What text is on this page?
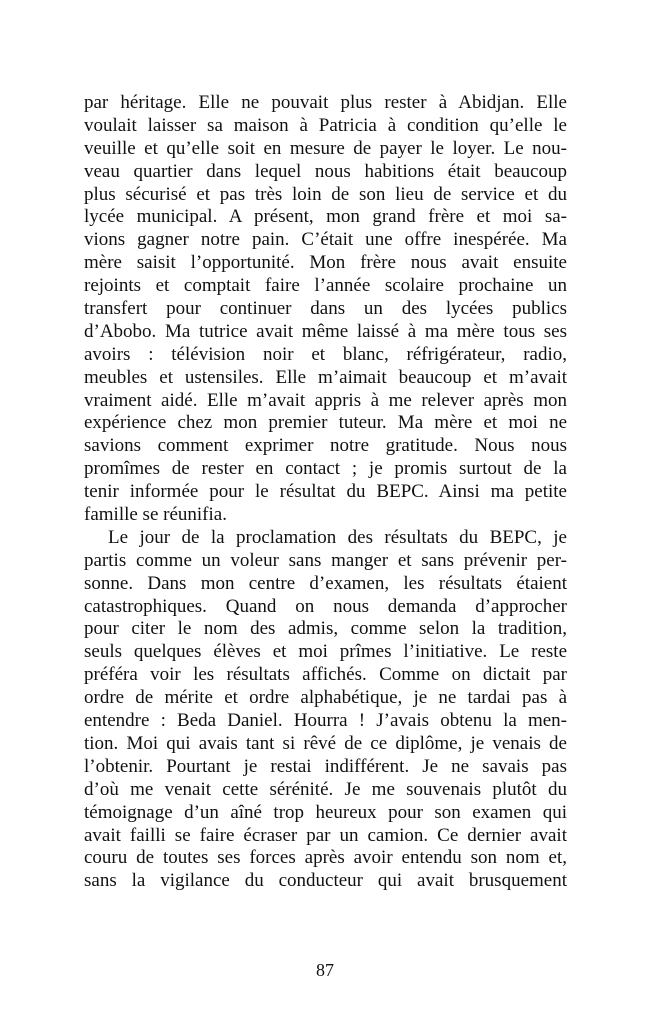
par héritage. Elle ne pouvait plus rester à Abidjan. Elle
voulait laisser sa maison à Patricia à condition qu’elle le
veuille et qu’elle soit en mesure de payer le loyer. Le nou-
veau quartier dans lequel nous habitions était beaucoup
plus sécurisé et pas très loin de son lieu de service et du
lycée municipal. A présent, mon grand frère et moi sa-
vions gagner notre pain. C’était une offre inespérée. Ma
mère saisit l’opportunité. Mon frère nous avait ensuite
rejoints et comptait faire l’année scolaire prochaine un
transfert pour continuer dans un des lycées publics
d’Abobo. Ma tutrice avait même laissé à ma mère tous ses
avoirs : télévision noir et blanc, réfrigérateur, radio,
meubles et ustensiles. Elle m’aimait beaucoup et m’avait
vraiment aidé. Elle m’avait appris à me relever après mon
expérience chez mon premier tuteur. Ma mère et moi ne
savions comment exprimer notre gratitude. Nous nous
promîmes de rester en contact ; je promis surtout de la
tenir informée pour le résultat du BEPC. Ainsi ma petite
famille se réunifia.
Le jour de la proclamation des résultats du BEPC, je
partis comme un voleur sans manger et sans prévenir per-
sonne. Dans mon centre d’examen, les résultats étaient
catastrophiques. Quand on nous demanda d’approcher
pour citer le nom des admis, comme selon la tradition,
seuls quelques élèves et moi prîmes l’initiative. Le reste
préféra voir les résultats affichés. Comme on dictait par
ordre de mérite et ordre alphabétique, je ne tardai pas à
entendre : Beda Daniel. Hourra ! J’avais obtenu la men-
tion. Moi qui avais tant si rêvé de ce diplôme, je venais de
l’obtenir. Pourtant je restai indifférent. Je ne savais pas
d’où me venait cette sérénité. Je me souvenais plutôt du
témoignage d’un aîné trop heureux pour son examen qui
avait failli se faire écraser par un camion. Ce dernier avait
couru de toutes ses forces après avoir entendu son nom et,
sans la vigilance du conducteur qui avait brusquement
87
